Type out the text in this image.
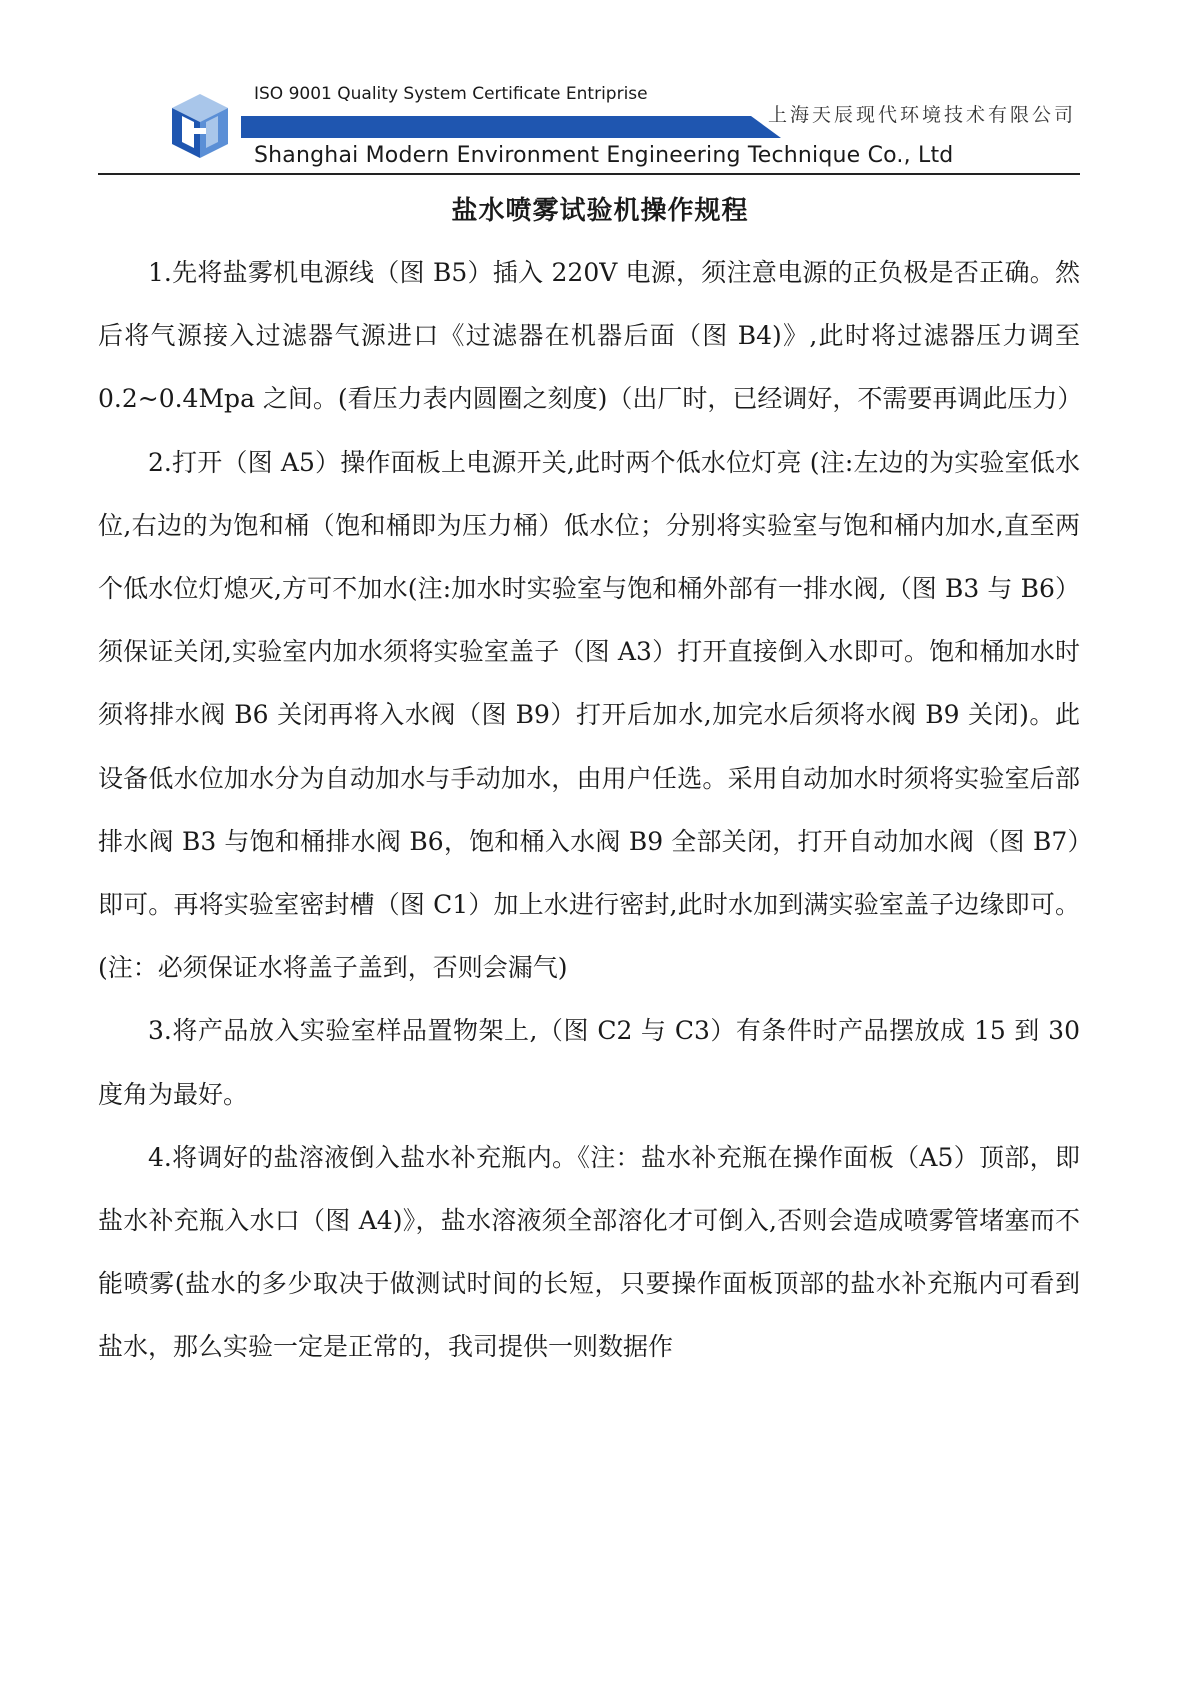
ISO 9001 Quality System Certificate Entriprise
上海天辰现代环境技术有限公司
Shanghai Modern Environment Engineering Technique Co., Ltd
盐水喷雾试验机操作规程

1.先将盐雾机电源线（图 B5）插入 220V 电源，须注意电源的正负极是否正确。然后将气源接入过滤器气源进口《过滤器在机器后面（图 B4)》,此时将过滤器压力调至 0.2~0.4Mpa 之间。(看压力表内圆圈之刻度)（出厂时，已经调好，不需要再调此压力）

2.打开（图 A5）操作面板上电源开关,此时两个低水位灯亮 (注:左边的为实验室低水位,右边的为饱和桶（饱和桶即为压力桶）低水位；分别将实验室与饱和桶内加水,直至两个低水位灯熄灭,方可不加水(注:加水时实验室与饱和桶外部有一排水阀,（图 B3 与 B6）须保证关闭,实验室内加水须将实验室盖子（图 A3）打开直接倒入水即可。饱和桶加水时须将排水阀 B6 关闭再将入水阀（图 B9）打开后加水,加完水后须将水阀 B9 关闭)。此设备低水位加水分为自动加水与手动加水，由用户任选。采用自动加水时须将实验室后部排水阀 B3 与饱和桶排水阀 B6，饱和桶入水阀 B9 全部关闭，打开自动加水阀（图 B7）即可。再将实验室密封槽（图 C1）加上水进行密封,此时水加到满实验室盖子边缘即可。(注：必须保证水将盖子盖到，否则会漏气)

3.将产品放入实验室样品置物架上,（图 C2 与 C3）有条件时产品摆放成 15 到 30 度角为最好。

4.将调好的盐溶液倒入盐水补充瓶内。《注：盐水补充瓶在操作面板（A5）顶部，即盐水补充瓶入水口（图 A4)》，盐水溶液须全部溶化才可倒入,否则会造成喷雾管堵塞而不能喷雾(盐水的多少取决于做测试时间的长短，只要操作面板顶部的盐水补充瓶内可看到盐水，那么实验一定是正常的，我司提供一则数据作
